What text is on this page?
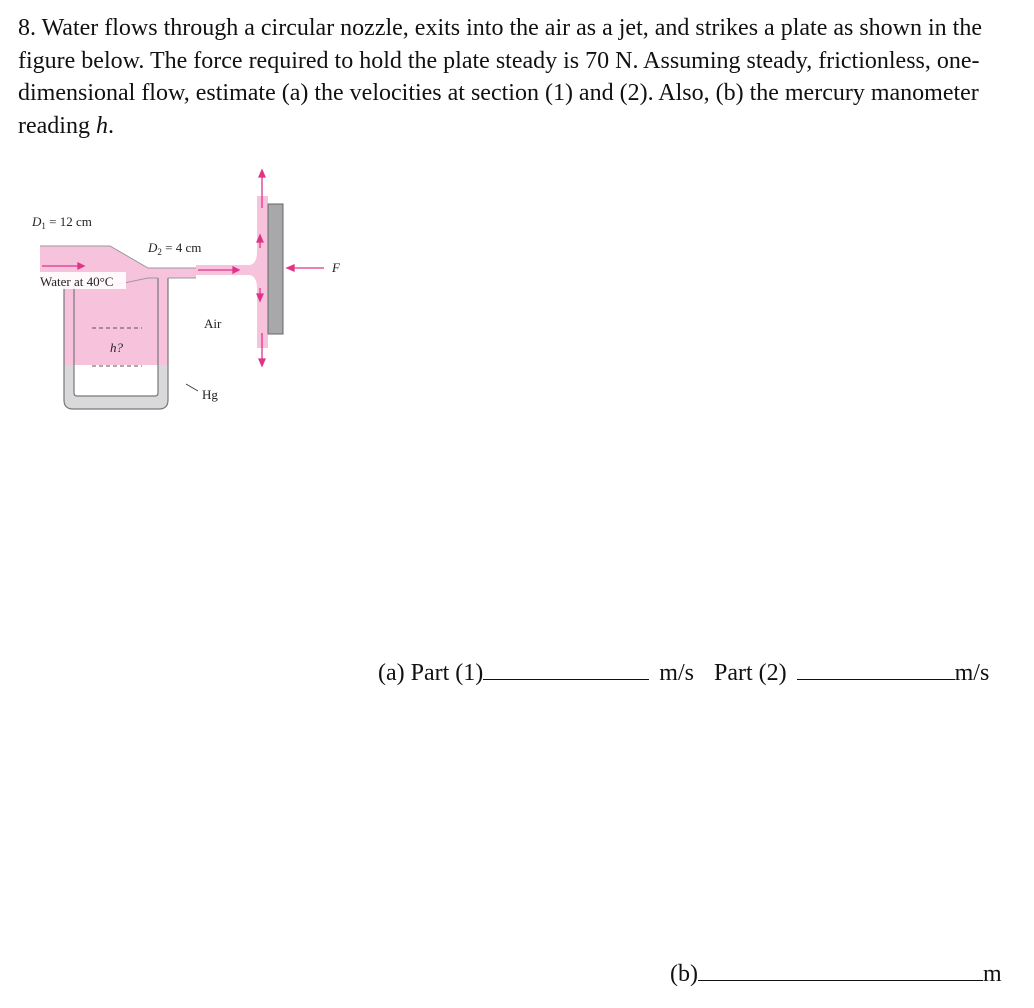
8. Water flows through a circular nozzle, exits into the air as a jet, and strikes a plate as shown in the figure below. The force required to hold the plate steady is 70 N. Assuming steady, frictionless, one-dimensional flow, estimate (a) the velocities at section (1) and (2). Also, (b) the mercury manometer reading h.

$D_1 = 12$ cm
$D_2 = 4$ cm
Water at 40°C
Air
h?
Hg
F
(a) Part (1)	m/s Part (2)	m/s
(b)	m
